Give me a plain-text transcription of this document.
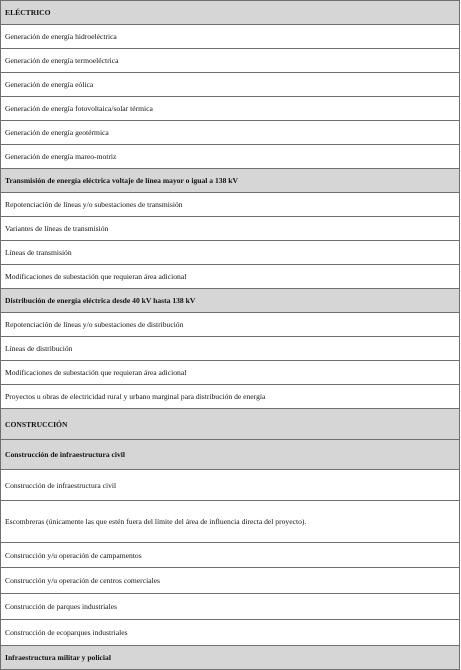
ELÉCTRICO
Generación de energía hidroeléctrica
Generación de energía termoeléctrica
Generación de energía eólica
Generación de energía fotovoltaica/solar térmica
Generación de energía geotérmica
Generación de energía mareo-motriz
Transmisión de energía eléctrica voltaje de línea mayor o igual a 138 kV
Repotenciación de líneas y/o subestaciones de transmisión
Variantes de líneas de transmisión
Líneas de transmisión
Modificaciones de subestación que requieran área adicional
Distribución de energía eléctrica desde 40 kV hasta 138 kV
Repotenciación de líneas y/o subestaciones de distribución
Líneas de distribución
Modificaciones de subestación que requieran área adicional
Proyectos u obras de electricidad rural y urbano marginal para distribución de energía
CONSTRUCCIÓN
Construcción de infraestructura civil
Construcción de infraestructura civil
Escombreras (únicamente las que estén fuera del límite del área de influencia directa del proyecto).
Construcción y/u operación de campamentos
Construcción y/u operación de centros comerciales
Construcción de parques industriales
Construcción de ecoparques industriales
Infraestructura militar y policial
